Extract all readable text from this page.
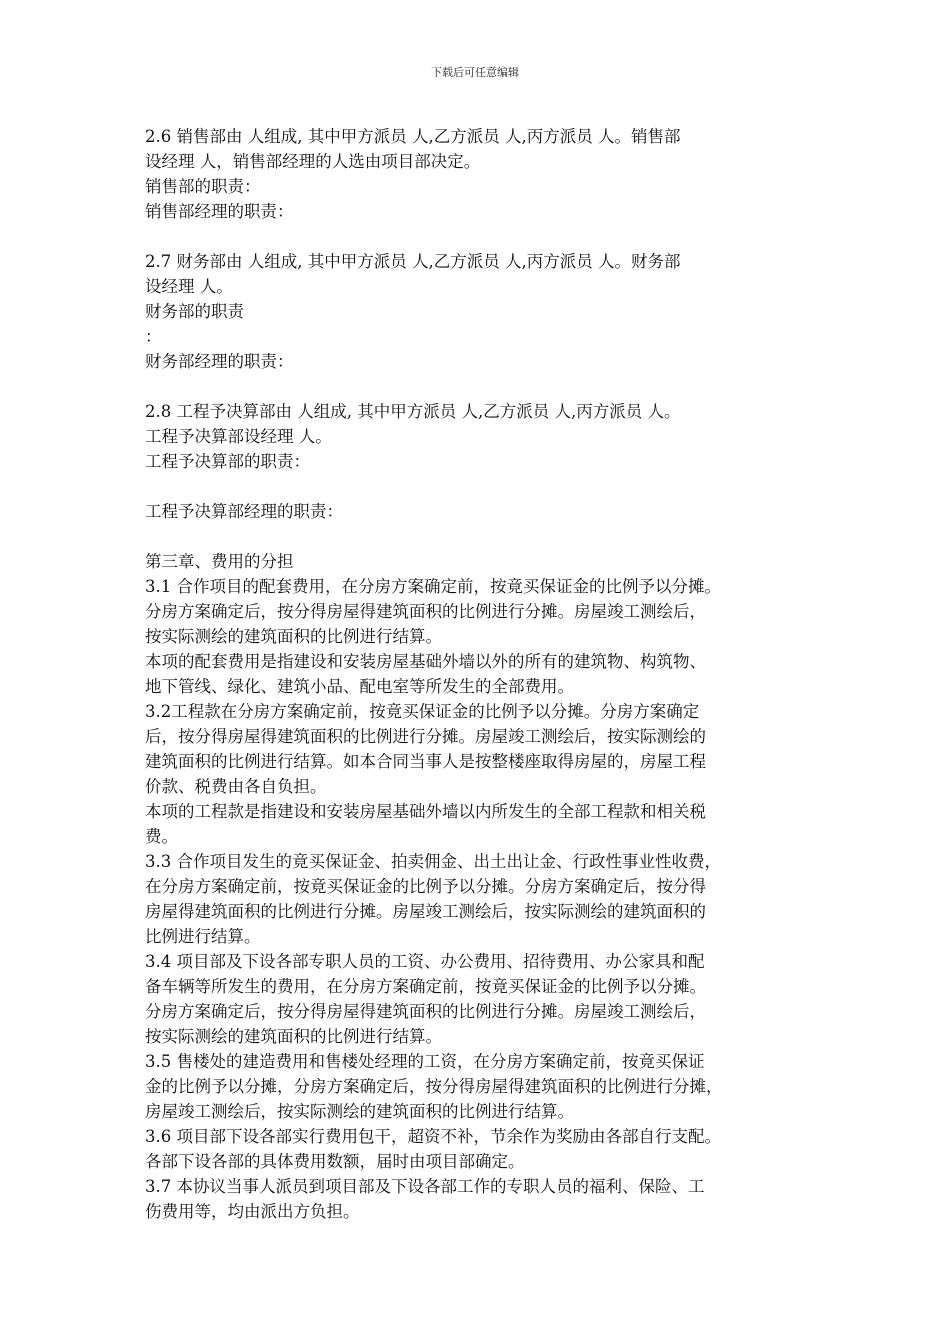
下载后可任意编辑
2.6 销售部由 人组成, 其中甲方派员 人,乙方派员 人,丙方派员 人。销售部
设经理 人，销售部经理的人选由项目部决定。
销售部的职责：
销售部经理的职责：
2.7 财务部由 人组成, 其中甲方派员 人,乙方派员 人,丙方派员 人。财务部
设经理 人。
财务部的职责
：
财务部经理的职责：
2.8 工程予决算部由 人组成, 其中甲方派员 人,乙方派员 人,丙方派员 人。
工程予决算部设经理 人。
工程予决算部的职责：
工程予决算部经理的职责：
第三章、费用的分担
3.1 合作项目的配套费用，在分房方案确定前，按竟买保证金的比例予以分摊。
分房方案确定后，按分得房屋得建筑面积的比例进行分摊。房屋竣工测绘后，
按实际测绘的建筑面积的比例进行结算。
本项的配套费用是指建设和安装房屋基础外墙以外的所有的建筑物、构筑物、
地下管线、绿化、建筑小品、配电室等所发生的全部费用。
3.2工程款在分房方案确定前，按竟买保证金的比例予以分摊。分房方案确定
后，按分得房屋得建筑面积的比例进行分摊。房屋竣工测绘后，按实际测绘的
建筑面积的比例进行结算。如本合同当事人是按整楼座取得房屋的，房屋工程
价款、税费由各自负担。
本项的工程款是指建设和安装房屋基础外墙以内所发生的全部工程款和相关税
费。
3.3 合作项目发生的竟买保证金、拍卖佣金、出土出让金、行政性事业性收费，
在分房方案确定前，按竟买保证金的比例予以分摊。分房方案确定后，按分得
房屋得建筑面积的比例进行分摊。房屋竣工测绘后，按实际测绘的建筑面积的
比例进行结算。
3.4 项目部及下设各部专职人员的工资、办公费用、招待费用、办公家具和配
备车辆等所发生的费用，在分房方案确定前，按竟买保证金的比例予以分摊。
分房方案确定后，按分得房屋得建筑面积的比例进行分摊。房屋竣工测绘后，
按实际测绘的建筑面积的比例进行结算。
3.5 售楼处的建造费用和售楼处经理的工资，在分房方案确定前，按竟买保证
金的比例予以分摊，分房方案确定后，按分得房屋得建筑面积的比例进行分摊，
房屋竣工测绘后，按实际测绘的建筑面积的比例进行结算。
3.6 项目部下设各部实行费用包干，超资不补，节余作为奖励由各部自行支配。
各部下设各部的具体费用数额，届时由项目部确定。
3.7 本协议当事人派员到项目部及下设各部工作的专职人员的福利、保险、工
伤费用等，均由派出方负担。
